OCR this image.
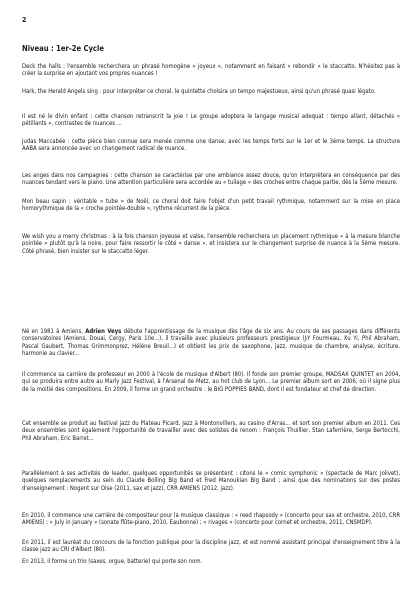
2
Niveau : 1er-2e Cycle

Deck the halls : l'ensemble recherchera un phrasé homogène « joyeux », notamment en faisant « rebondir » le staccatto. N'hésitez pas à créer la surprise en ajoutant vos propres nuances !

Hark, the Herald Angels sing : pour interpréter ce choral, le quintette choisira un tempo majestueux, ainsi qu'un phrasé quasi légato.

Il est né le divin enfant : cette chanson retranscrit la joie ! Le groupe adoptera le langage musical adequat : tempo allant, détachés « pétillants », contrastes de nuances ...

Judas Maccabée : cette pièce bien connue sera menée comme une danse, avec les temps forts sur le 1er et le 3ème temps. La structure AABA sera annoncée avec un changement radical de nuance.

Les anges dans nos campagnes : cette chanson se caractérise par une ambiance assez douce, qu'on interprètera en conséquence par des nuances tendant vers le piano. Une attention particulière sera accordée au « tuilage » des croches entre chaque partie, dès la 5ème mesure.

Mon beau sapin : véritable « tube » de Noël, ce choral doit faire l'objet d'un petit travail rythmique, notamment sur la mise en place homorythmique de la « croche pointée-double », rythme récurrent de la pièce.

We wish you a merry christmas : à la fois chanson joyeuse et valse, l'ensemble recherchera un placement rythmique « à la mesure blanche pointée » plutôt qu'à la noire, pour faire ressortir le côté « danse », et insistera sur le changement surprise de nuance à la 5ème mesure. Côté phrasé, bien insister sur le staccatto léger.

Né en 1981 à Amiens, Adrien Veys débute l'apprentissage de la musique dès l'âge de six ans. Au cours de ses passages dans différents conservatoires (Amiens, Douai, Cergy, Paris 10e...), il travaille avec plusieurs professeurs prestigieux (J-Y Fourmeau, Xu Yi, Phil Abraham, Pascal Gaubert, Thomas Grimmonprez, Hélène Breuil...) et obtient les prix de saxophone, jazz, musique de chambre, analyse, écriture, harmonie au clavier...

Il commence sa carrière de professeur en 2000 à l'école de musique d'Albert (80). Il fonde son premier groupe, MADSAX QUINTET en 2004, qui se produira entre autre au Marly Jazz Festival, à l'Arsenal de Metz, au hot club de Lyon... Le premier album sort en 2006, où il signe plus de la moitié des compositions. En 2009, il forme un grand orchestre : le BIG POPPIES BAND, dont il est fondateur et chef de direction.

Cet ensemble se produit au festival jazz du Plateau Picard, Jazz à Montonvillers, au casino d'Arras... et sort son premier album en 2011. Ces deux ensembles sont également l'opportunité de travailler avec des solistes de renom : François Thuillier, Stan Laferrière, Serge Bertocchi, Phil Abraham, Eric Barret...

Parallèlement à ses activités de leader, quelques opportunités se présentent : citons le « comic symphonic » (spectacle de Marc Jolivet), quelques remplacements au sein du Claude Bolling Big Band et Fred Manoukian Big Band ; ainsi que des nominations sur des postes d'enseignement : Nogent sur Oise (2011, sax et jazz), CRR AMIENS (2012, jazz).

En 2010, il commence une carrière de compositeur pour la musique classique : « reed rhapsody » (concerto pour sax et orchestre, 2010, CRR AMIENS) ; « July in January » (sonate flûte-piano, 2010, Eaubonne) ; « rivages » (concerto pour cornet et orchestre, 2011, CNSMDP).

En 2011, il est lauréat du concours de la fonction publique pour la discipline jazz, et est nommé assistant principal d'enseignement titre à la classe jazz au CRI d'Albert (80).

En 2013, il forme un trio (saxes, orgue, batterie) qui porte son nom.
